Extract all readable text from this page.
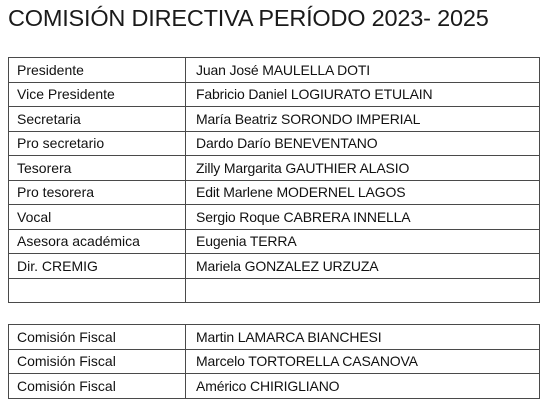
COMISIÓN DIRECTIVA PERÍODO 2023- 2025
Presidente	Juan José MAULELLA DOTI
Vice Presidente	Fabricio Daniel LOGIURATO ETULAIN
Secretaria	María Beatriz SORONDO IMPERIAL
Pro secretario	Dardo Darío BENEVENTANO
Tesorera	Zilly Margarita GAUTHIER ALASIO
Pro tesorera	Edit Marlene MODERNEL LAGOS
Vocal	Sergio Roque CABRERA INNELLA
Asesora académica	Eugenia TERRA
Dir. CREMIG	Mariela GONZALEZ URZUZA

Comisión Fiscal	Martin LAMARCA BIANCHESI
Comisión Fiscal	Marcelo TORTORELLA CASANOVA
Comisión Fiscal	Américo CHIRIGLIANO
